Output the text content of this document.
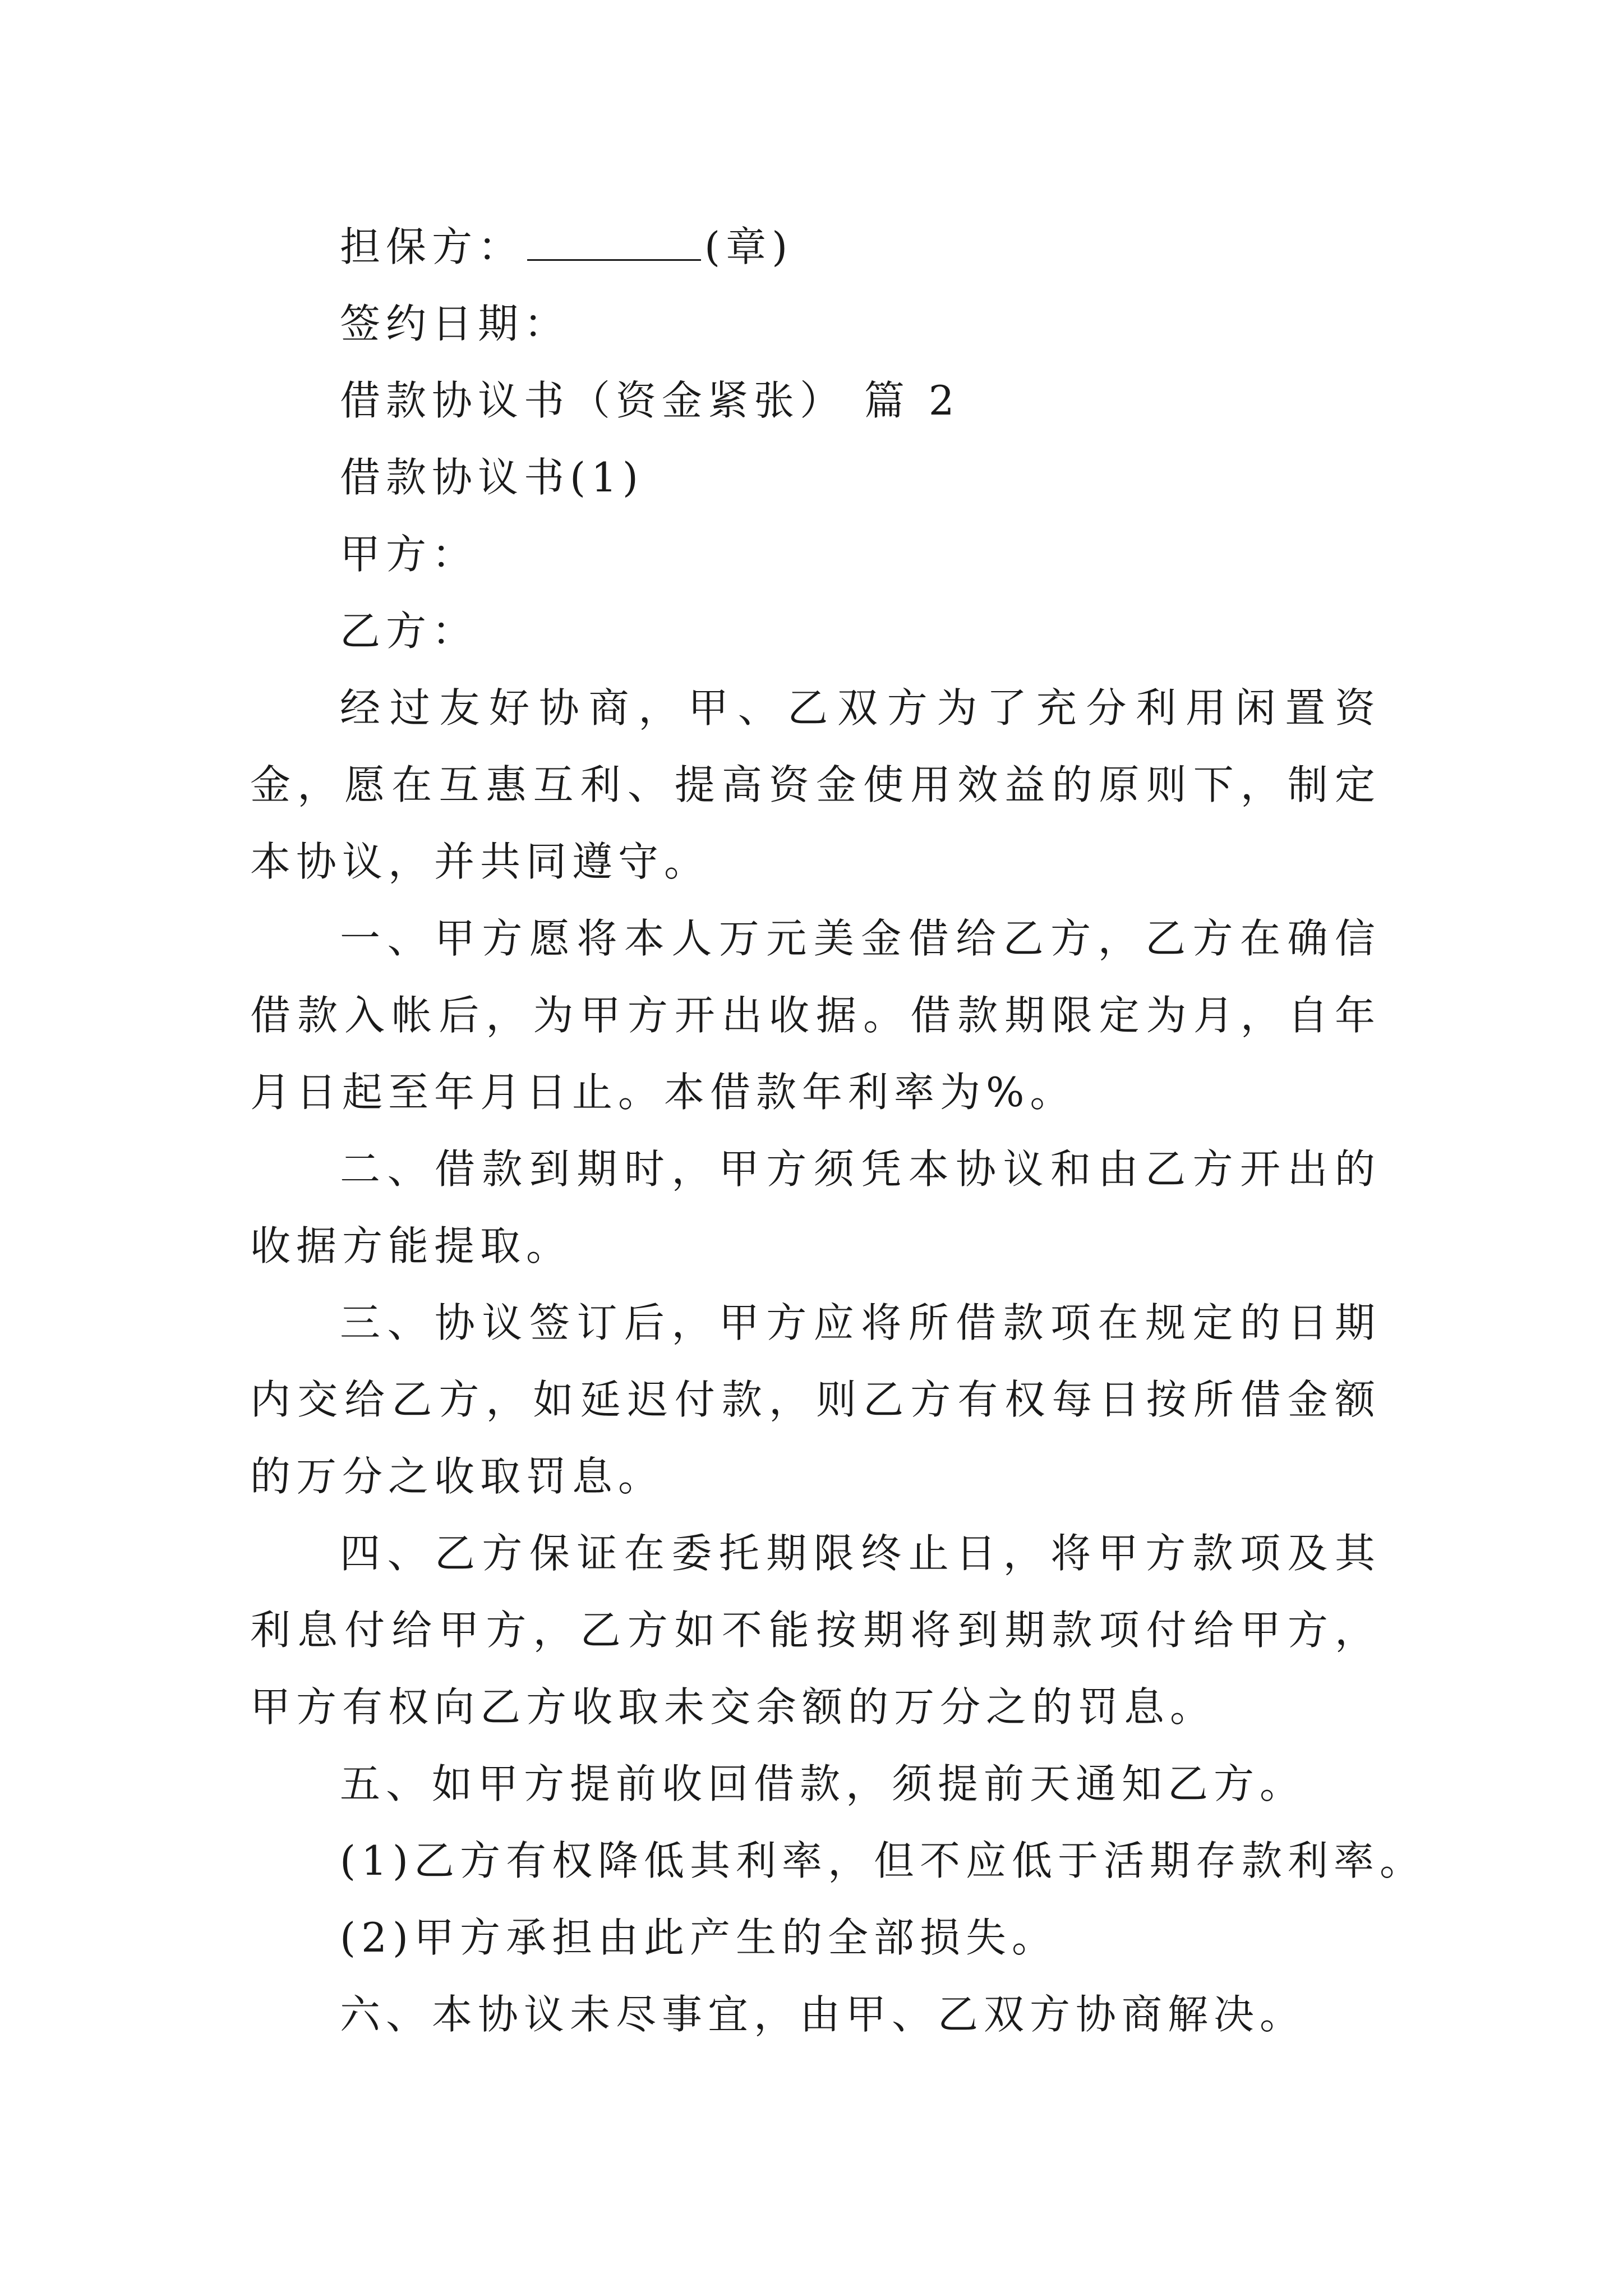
担保方：	(章)
签约日期：
借款协议书（资金紧张） 篇 2
借款协议书(1)
甲方：
乙方：

经过友好协商，甲、乙双方为了充分利用闲置资金，愿在互惠互利、提高资金使用效益的原则下，制定本协议，并共同遵守。

一、甲方愿将本人万元美金借给乙方，乙方在确信借款入帐后，为甲方开出收据。借款期限定为月，自年月日起至年月日止。本借款年利率为%。

二、借款到期时，甲方须凭本协议和由乙方开出的收据方能提取。

三、协议签订后，甲方应将所借款项在规定的日期内交给乙方，如延迟付款，则乙方有权每日按所借金额的万分之收取罚息。

四、乙方保证在委托期限终止日，将甲方款项及其利息付给甲方，乙方如不能按期将到期款项付给甲方，甲方有权向乙方收取未交余额的万分之的罚息。

五、如甲方提前收回借款，须提前天通知乙方。
(1)乙方有权降低其利率，但不应低于活期存款利率。
(2)甲方承担由此产生的全部损失。
六、本协议未尽事宜，由甲、乙双方协商解决。
